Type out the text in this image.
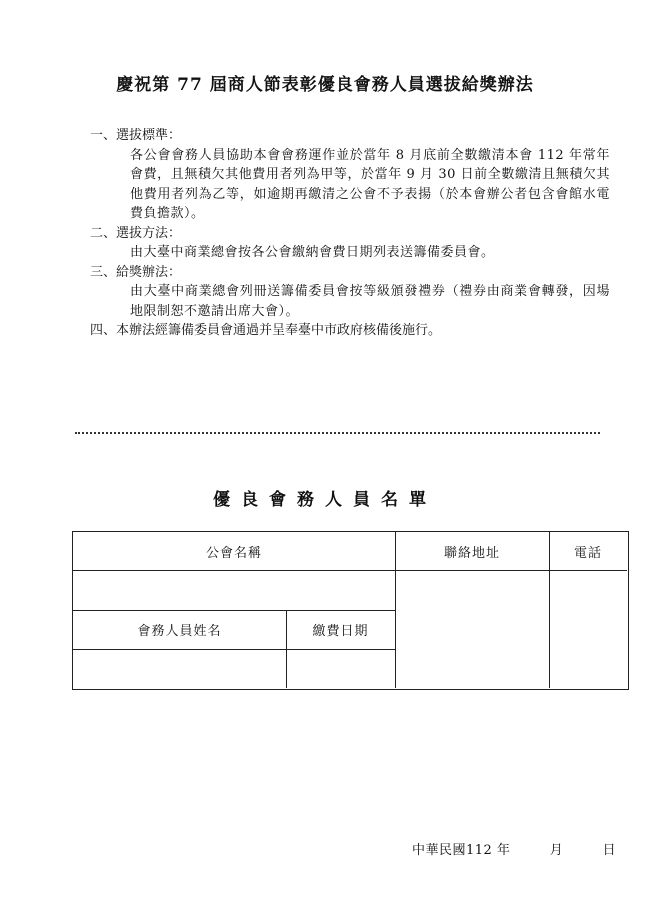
慶祝第 77 屆商人節表彰優良會務人員選拔給獎辦法
一、選拔標準：
各公會會務人員協助本會會務運作並於當年 8 月底前全數繳清本會 112 年常年會費，且無積欠其他費用者列為甲等，於當年 9 月 30 日前全數繳清且無積欠其他費用者列為乙等，如逾期再繳清之公會不予表揚（於本會辦公者包含會館水電費負擔款）。
二、選拔方法：
由大臺中商業總會按各公會繳納會費日期列表送籌備委員會。
三、給獎辦法：
由大臺中商業總會列冊送籌備委員會按等級頒發禮券（禮券由商業會轉發，因場地限制恕不邀請出席大會）。
四、本辦法經籌備委員會通過并呈奉臺中市政府核備後施行。
優良會務人員名單
公會名稱	聯絡地址	電話
會務人員姓名	繳費日期
中華民國112 年	月	日
